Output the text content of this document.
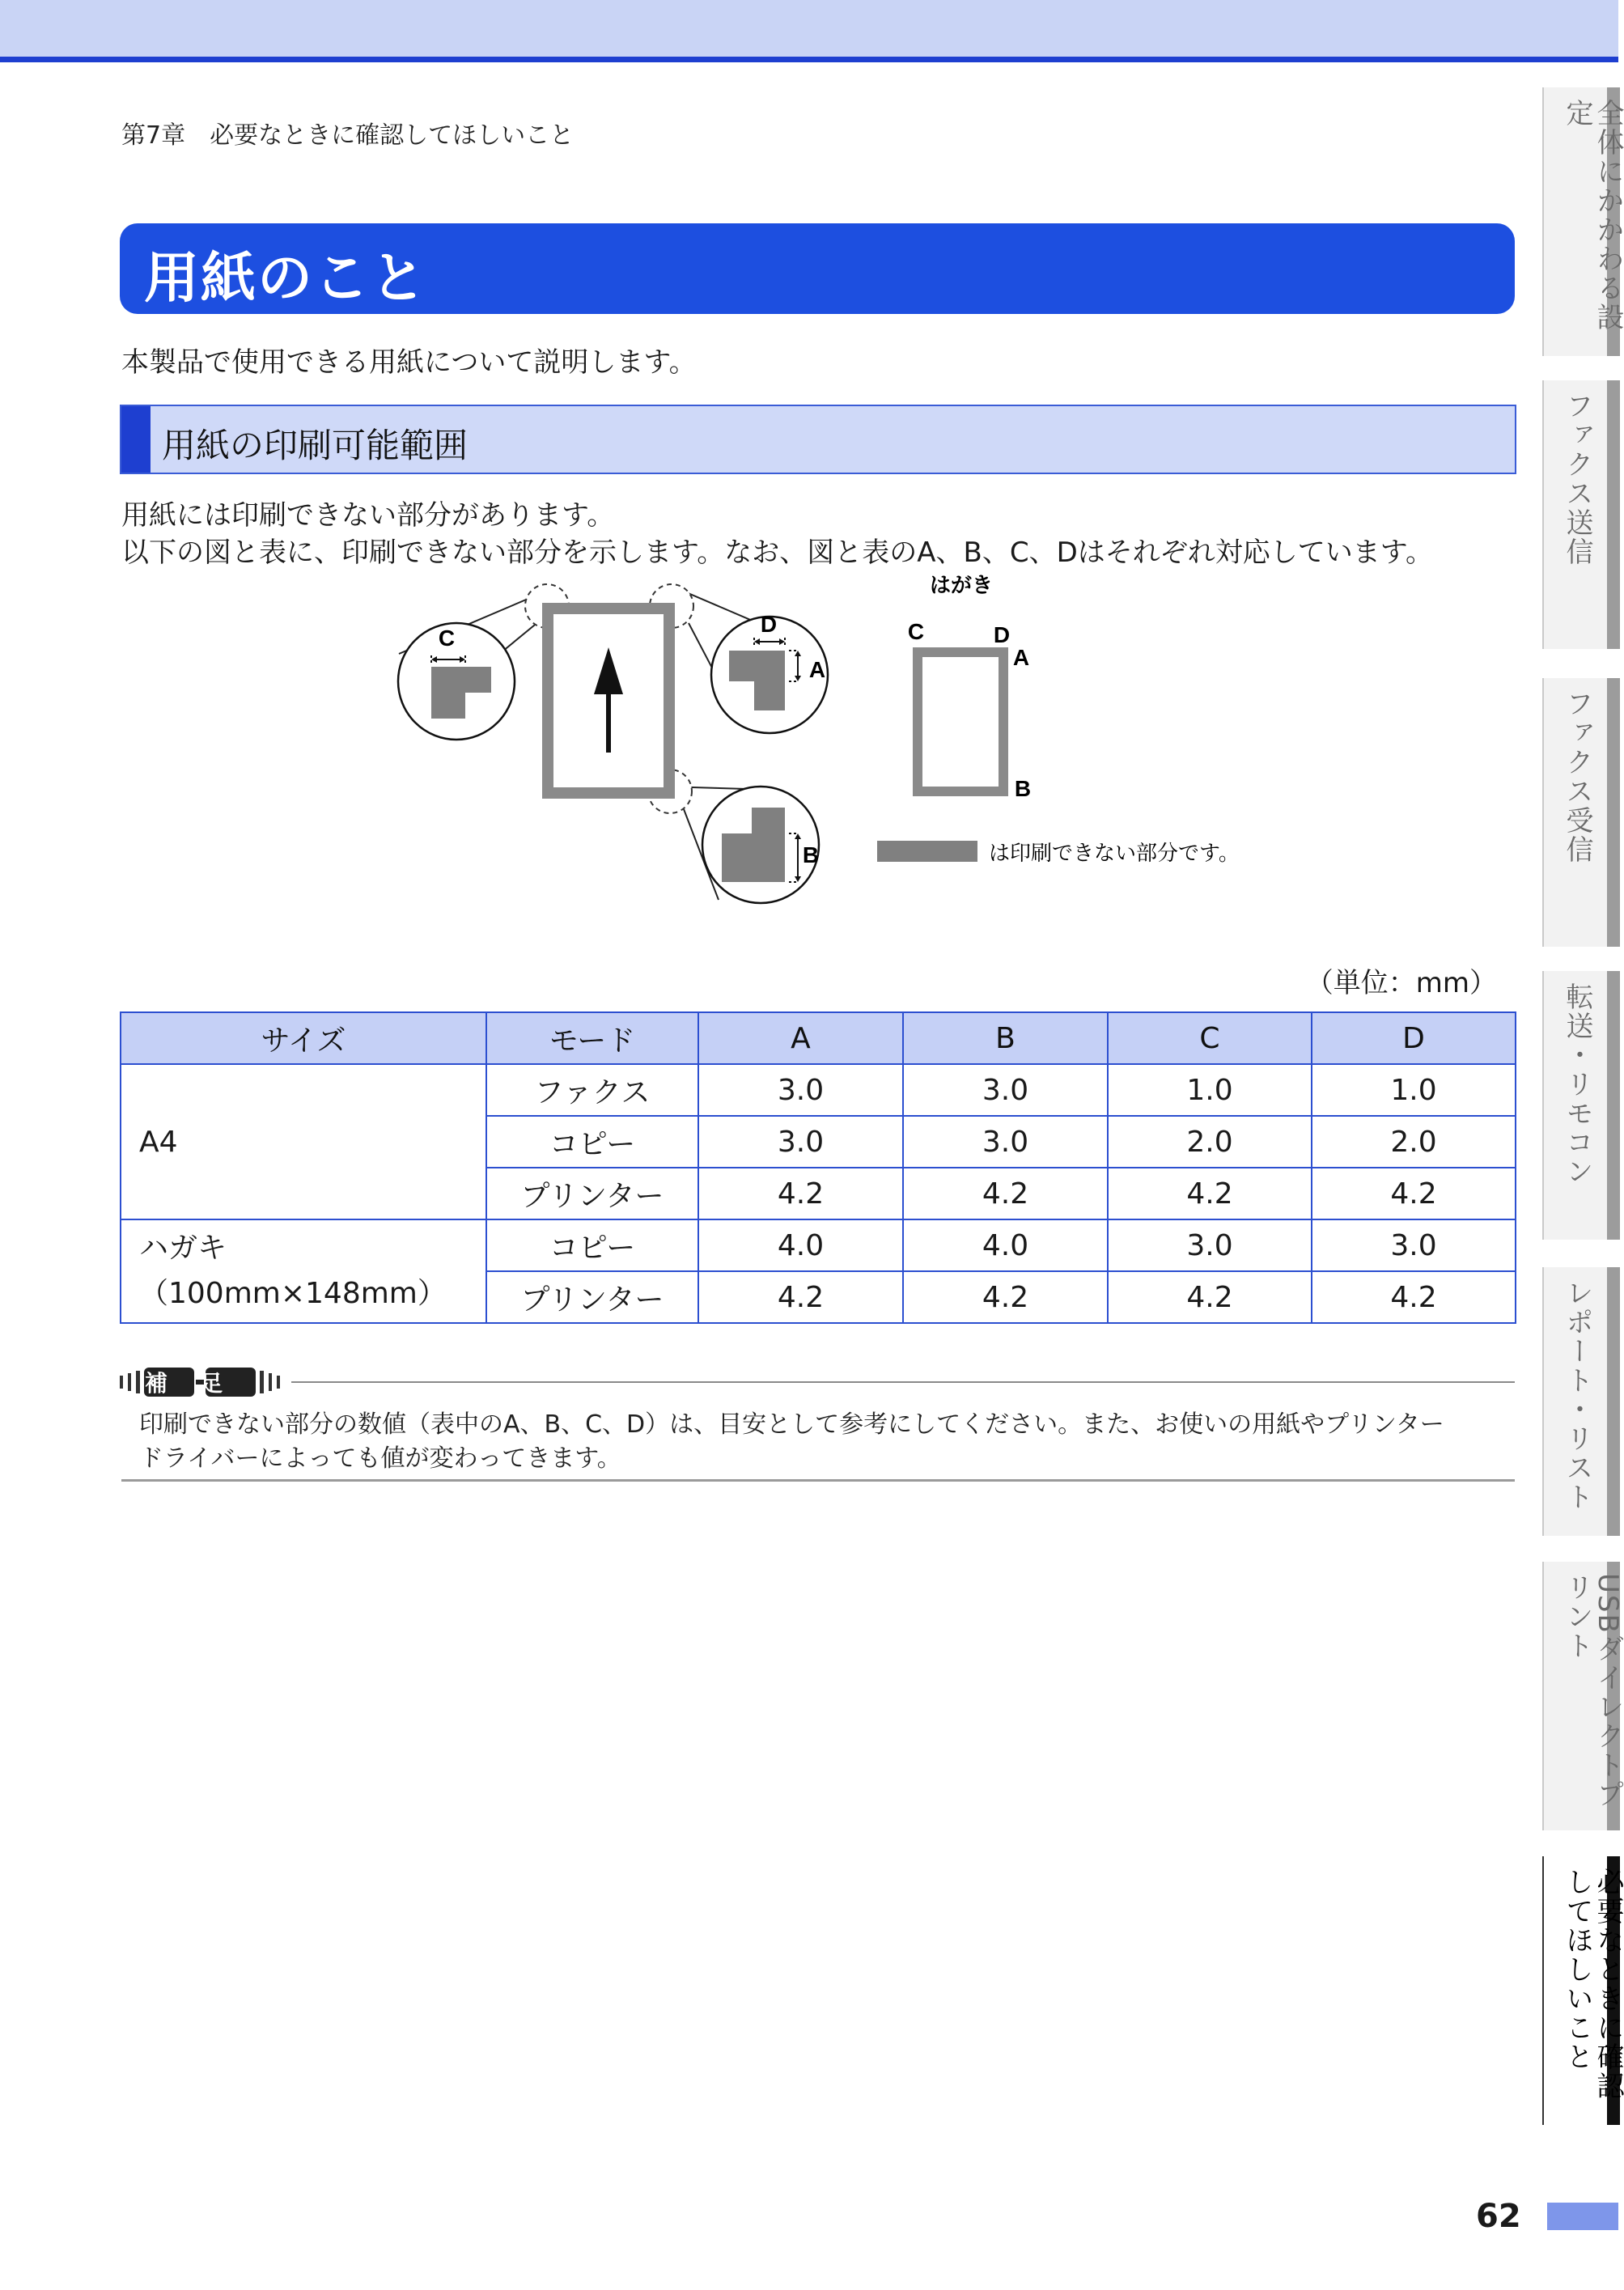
第7章　必要なときに確認してほしいこと
用紙のこと
本製品で使用できる用紙について説明します。
用紙の印刷可能範囲
用紙には印刷できない部分があります。
以下の図と表に、印刷できない部分を示します。なお、図と表のA、B、C、Dはそれぞれ対応しています。
C
D
A
B
はがき
C	D
A
B
は印刷できない部分です。
（単位：mm）
サイズ	モード	A	B	C	D
A4	ファクス	3.0	3.0	1.0	1.0
	コピー	3.0	3.0	2.0	2.0
	プリンター	4.2	4.2	4.2	4.2

ハガキ
（100mm×148mm）	コピー	4.0	4.0	3.0	3.0
	プリンター	4.2	4.2	4.2	4.2
補足
印刷できない部分の数値（表中のA、B、C、D）は、目安として参考にしてください。また、お使いの用紙やプリンター
ドライバーによっても値が変わってきます。
全体にかかわる設定
ファクス送信
ファクス受信
転送・リモコン
レポート・リスト
USBダイレクトプリント
必要なときに確認してほしいこと
62
